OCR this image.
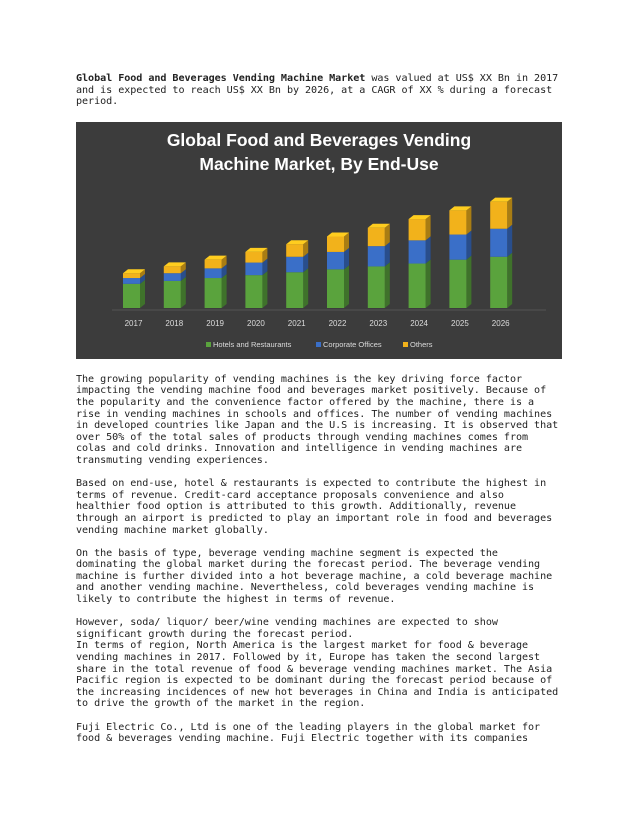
Global Food and Beverages Vending Machine Market was valued at US$ XX Bn in 2017 and is expected to reach US$ XX Bn by 2026, at a CAGR of XX % during a forecast period.

Global Food and Beverages Vending
Machine Market, By End-Use
2017	2018	2019	2020	2021	2022	2023	2024	2025	2026
Hotels and Restaurants	Corporate Offices	Others

The growing popularity of vending machines is the key driving force factor impacting the vending machine food and beverages market positively. Because of the popularity and the convenience factor offered by the machine, there is a rise in vending machines in schools and offices. The number of vending machines in developed countries like Japan and the U.S is increasing. It is observed that over 50% of the total sales of products through vending machines comes from colas and cold drinks. Innovation and intelligence in vending machines are transmuting vending experiences.

Based on end-use, hotel & restaurants is expected to contribute the highest in terms of revenue. Credit-card acceptance proposals convenience and also healthier food option is attributed to this growth. Additionally, revenue through an airport is predicted to play an important role in food and beverages vending machine market globally.

On the basis of type, beverage vending machine segment is expected the dominating the global market during the forecast period. The beverage vending machine is further divided into a hot beverage machine, a cold beverage machine and another vending machine. Nevertheless, cold beverages vending machine is likely to contribute the highest in terms of revenue.

However, soda/ liquor/ beer/wine vending machines are expected to show significant growth during the forecast period.

In terms of region, North America is the largest market for food & beverage vending machines in 2017. Followed by it, Europe has taken the second largest share in the total revenue of food & beverage vending machines market. The Asia Pacific region is expected to be dominant during the forecast period because of the increasing incidences of new hot beverages in China and India is anticipated to drive the growth of the market in the region.

Fuji Electric Co., Ltd is one of the leading players in the global market for food & beverages vending machine. Fuji Electric together with its companies
